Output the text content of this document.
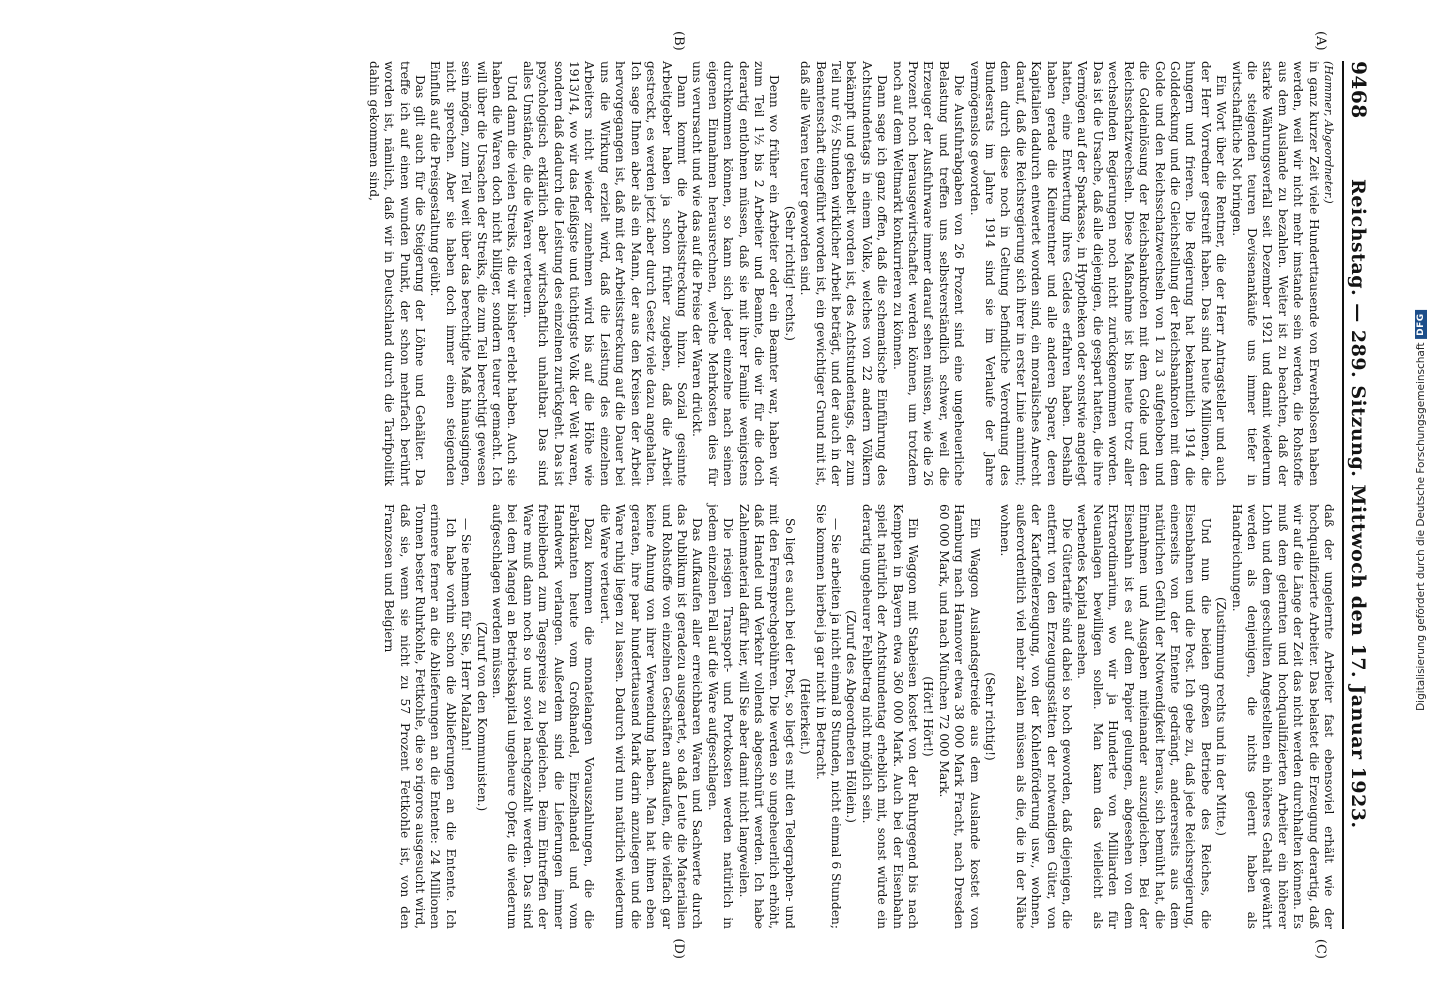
9468
Reichstag. — 289. Sitzung. Mittwoch den 17. Januar 1923.
(A)
(B)

(Hammer, Abgeordneter.)

in ganz kurzer Zeit viele Hunderttausende von Erwerbslosen haben werden, weil wir nicht mehr imstande sein werden, die Rohstoffe aus dem Auslande zu bezahlen. Weiter ist zu beachten, daß der starke Währungsverfall seit Dezember 1921 und damit wiederum die steigenden teuren Devisenankäufe uns immer tiefer in wirtschaftliche Not bringen.

Ein Wort über die Rentner, die der Herr Antragsteller und auch der Herr Vorredner gestreift haben. Das sind heute Millionen, die hungern und frieren. Die Regierung hat bekanntlich 1914 die Golddeckung und die Gleichstellung der Reichsbanknoten mit dem Golde und den Reichsschatzwechseln von 1 zu 3 aufgehoben und die Goldeinlösung der Reichsbanknoten mit dem Golde und den Reichsschatzwechseln. Diese Maßnahme ist bis heute trotz aller wechselnden Regierungen noch nicht zurückgenommen worden. Das ist die Ursache, daß alle diejenigen, die gespart hatten, die ihre Vermögen auf der Sparkasse, in Hypotheken oder sonstwie angelegt hatten, eine Entwertung ihres Geldes erfahren haben. Deshalb haben gerade die Kleinrentner und alle anderen Sparer, deren Kapitalien dadurch entwertet worden sind, ein moralisches Anrecht darauf, daß die Reichsregierung sich ihrer in erster Linie annimmt; denn durch diese noch in Geltung befindliche Verordnung des Bundesrats im Jahre 1914 sind sie im Verlaufe der Jahre vermögenslos geworden.

Die Ausfuhrabgaben von 26 Prozent sind eine ungeheuerliche Belastung und treffen uns selbstverständlich schwer, weil die Erzeuger der Ausfuhrware immer darauf sehen müssen, wie die 26 Prozent noch herausgewirtschaftet werden können, um trotzdem noch auf dem Weltmarkt konkurrieren zu können.

Dann sage ich ganz offen, daß die schematische Einführung des Achtstundentags in einem Volke, welches von 22 andern Völkern bekämpft und geknebelt worden ist, des Achtstundentags, der zum Teil nur 6½ Stunden wirklicher Arbeit beträgt, und der auch in der Beamtenschaft eingeführt worden ist, ein gewichtiger Grund mit ist, daß alle Waren teurer geworden sind.

(Sehr richtig! rechts.)

Denn wo früher ein Arbeiter oder ein Beamter war, haben wir zum Teil 1½ bis 2 Arbeiter und Beamte, die wir für die doch derartig entlohnen müssen, daß sie mit ihrer Familie wenigstens durchkommen können, so kann sich jeder einzelne nach seinen eigenen Einnahmen herausrechnen, welche Mehrkosten dies für uns verursacht und wie das auf die Preise der Waren drückt.

Dann kommt die Arbeitsstreckung hinzu. Sozial gesinnte Arbeitgeber haben ja schon früher zugeben, daß die Arbeit gestreckt, es werden jetzt aber durch Gesetz viele dazu angehalten. Ich sage Ihnen aber als ein Mann, der aus den Kreisen der Arbeit hervorgegangen ist, daß mit der Arbeitsstreckung auf die Dauer bei uns die Wirkung erzielt wird, daß die Leistung des einzelnen Arbeiters nicht wieder zunehmen wird bis auf die Höhe wie 1913/14, wo wir das fleißigste und tüchtigste Volk der Welt waren, sondern daß dadurch die Leistung des einzelnen zurückgeht. Das ist psychologisch erklärlich aber wirtschaftlich unhaltbar. Das sind alles Umstände, die die Waren verteuern.

Und dann die vielen Streiks, die wir bisher erlebt haben. Auch sie haben die Waren doch nicht billiger, sondern teurer gemacht. Ich will über die Ursachen der Streiks, die zum Teil berechtigt gewesen sein mögen, zum Teil weit über das berechtigte Maß hinausgingen, nicht sprechen. Aber sie haben doch immer einen steigenden Einfluß auf die Preisgestaltung geübt.

Das gilt auch für die Steigerung der Löhne und Gehälter. Da treffe ich auf einen wunden Punkt, der schon mehrfach berührt worden ist, nämlich, daß wir in Deutschland durch die Tarifpolitik dahin gekommen sind,

(C)
(D)

daß der ungelernte Arbeiter fast ebensoviel erhält wie der hochqualifizierte Arbeiter. Das belastet die Erzeugung derartig, daß wir auf die Länge der Zeit das nicht werden durchhalten können. Es muß dem gelernten und hochqualifizierten Arbeiter ein höherer Lohn und dem geschulten Angestellten ein höheres Gehalt gewährt werden als denjenigen, die nichts gelernt haben als Handreichungen.

(Zustimmung rechts und in der Mitte.)

Und nun die beiden großen Betriebe des Reiches, die Eisenbahnen und die Post. Ich gebe zu, daß jede Reichsregierung, einerseits von der Entente gedrängt, andererseits aus dem natürlichen Gefühl der Notwendigkeit heraus, sich bemüht hat, die Einnahmen und Ausgaben miteinander auszugleichen. Bei der Eisenbahn ist es auf dem Papier gelungen, abgesehen von dem Extraordinarium, wo wir ja Hunderte von Milliarden für Neuanlagen bewilligen sollen. Man kann das vielleicht als werbendes Kapital ansehen.

Die Gütertarife sind dabei so hoch geworden, daß diejenigen, die entfernt von den Erzeugungsstätten der notwendigen Güter, von der Kartoffelerzeugung, von der Kohlenförderung usw., wohnen, außerordentlich viel mehr zahlen müssen als die, die in der Nähe wohnen.

(Sehr richtig!)

Ein Waggon Auslandsgetreide aus dem Auslande kostet von Hamburg nach Hannover etwa 38 000 Mark Fracht, nach Dresden 60 000 Mark, und nach München 72 000 Mark.

(Hört! Hört!)

Ein Waggon mit Stabeisen kostet von der Ruhrgegend bis nach Kempten in Bayern etwa 360 000 Mark. Auch bei der Eisenbahn spielt natürlich der Achtstundentag erheblich mit, sonst würde ein derartig ungeheurer Fehlbetrag nicht möglich sein.

(Zuruf des Abgeordneten Höllein.)

— Sie arbeiten ja nicht einmal 8 Stunden, nicht einmal 6 Stunden; Sie kommen hierbei ja gar nicht in Betracht.

(Heiterkeit.)

So liegt es auch bei der Post, so liegt es mit den Telegraphen- und mit den Fernsprechgebühren. Die werden so ungeheuerlich erhöht, daß Handel und Verkehr vollends abgeschnürt werden. Ich habe Zahlenmaterial dafür hier, will Sie aber damit nicht langweilen.

Die riesigen Transport- und Portokosten werden natürlich in jedem einzelnen Fall auf die Ware aufgeschlagen.

Das Aufkaufen aller erreichbaren Waren und Sachwerte durch das Publikum ist geradezu ausgeartet, so daß Leute die Materialien und Rohstoffe von einzelnen Geschäften aufkaufen, die vielfach gar keine Ahnung von ihrer Verwendung haben. Man hat ihnen eben geraten, ihre paar hunderttausend Mark darin anzulegen und die Ware ruhig liegen zu lassen. Dadurch wird nun natürlich wiederum die Ware verteuert.

Dazu kommen die monatelangen Vorauszahlungen, die die Fabrikanten heute vom Großhandel, Einzelhandel und vom Handwerk verlangen. Außerdem sind die Lieferungen immer freibleibend zum Tagespreise zu begleichen. Beim Eintreffen der Ware muß dann noch so und soviel nachgezahlt werden. Das sind bei dem Mangel an Betriebskapital ungeheure Opfer, die wiederum aufgeschlagen werden müssen.

(Zuruf von den Kommunisten.)

— Sie nehmen für Sie, Herr Malzahn!

Ich habe vorhin schon die Ablieferungen an die Entente. Ich erinnere ferner an die Ablieferungen an die Entente: 24 Millionen Tonnen bester Ruhrkohle, Fettkohle, die so rigoros ausgesucht wird, daß sie, wenn sie nicht zu 57 Prozent Fettkohle ist, von den Franzosen und Belgiern	Digitalisierung gefördert durch die Deutsche Forschungsgemeinschaft
DFG
